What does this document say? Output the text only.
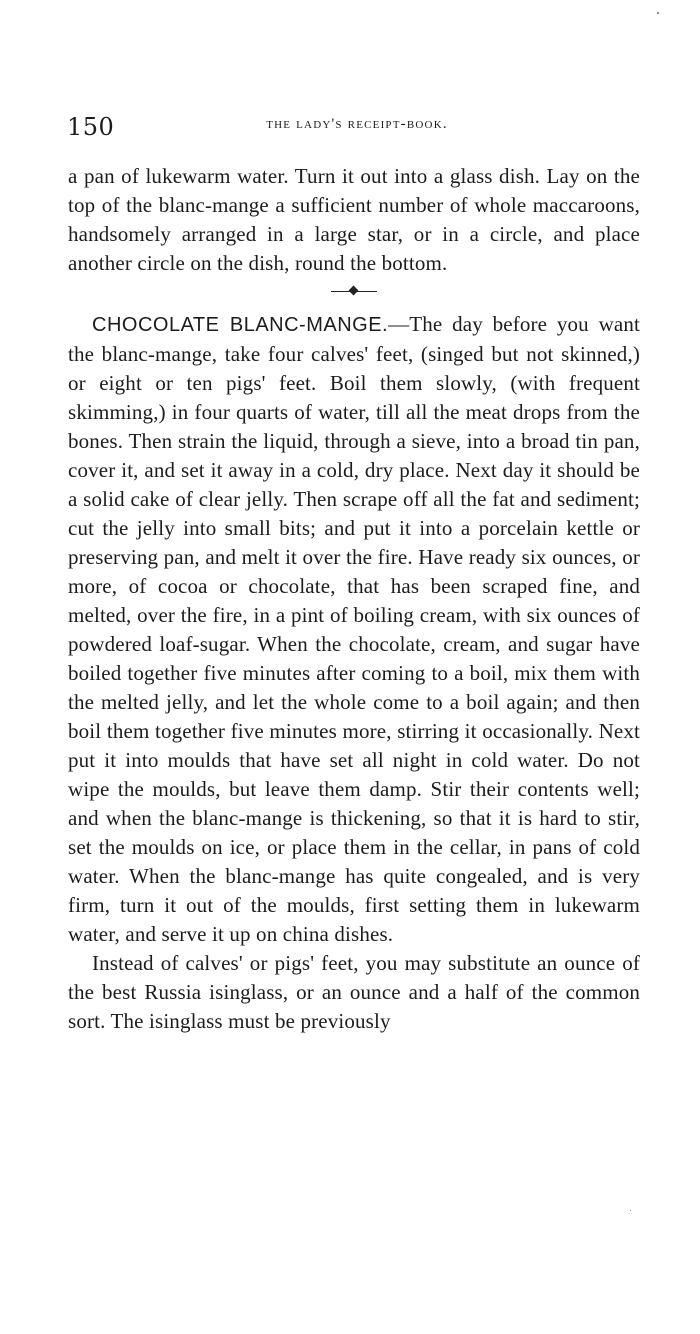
150	the lady's receipt-book.

a pan of lukewarm water. Turn it out into a glass dish. Lay on the top of the blanc-mange a sufficient number of whole maccaroons, handsomely arranged in a large star, or in a circle, and place another circle on the dish, round the bottom.

CHOCOLATE BLANC-MANGE.—The day before you want the blanc-mange, take four calves' feet, (singed but not skinned,) or eight or ten pigs' feet. Boil them slowly, (with frequent skimming,) in four quarts of water, till all the meat drops from the bones. Then strain the liquid, through a sieve, into a broad tin pan, cover it, and set it away in a cold, dry place. Next day it should be a solid cake of clear jelly. Then scrape off all the fat and sediment; cut the jelly into small bits; and put it into a porcelain kettle or preserving pan, and melt it over the fire. Have ready six ounces, or more, of cocoa or chocolate, that has been scraped fine, and melted, over the fire, in a pint of boiling cream, with six ounces of powdered loaf-sugar. When the chocolate, cream, and sugar have boiled together five minutes after coming to a boil, mix them with the melted jelly, and let the whole come to a boil again; and then boil them together five minutes more, stirring it occasionally. Next put it into moulds that have set all night in cold water. Do not wipe the moulds, but leave them damp. Stir their contents well; and when the blanc-mange is thickening, so that it is hard to stir, set the moulds on ice, or place them in the cellar, in pans of cold water. When the blanc-mange has quite congealed, and is very firm, turn it out of the moulds, first setting them in lukewarm water, and serve it up on china dishes.

Instead of calves' or pigs' feet, you may substitute an ounce of the best Russia isinglass, or an ounce and a half of the common sort. The isinglass must be previously
